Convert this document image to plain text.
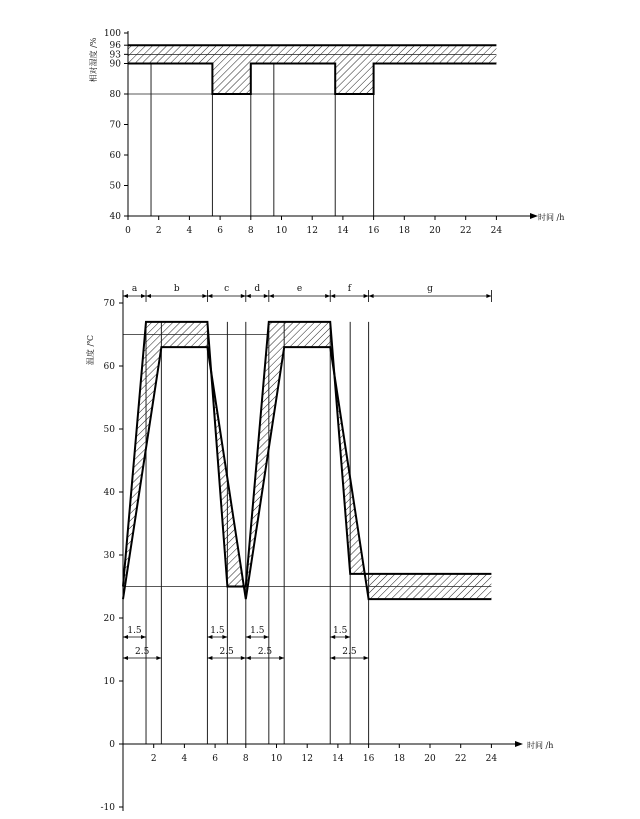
40
50
60
70
80
90
93
96
100
0	2	4	6	8 10 12 14 16 18 20 22 24
时间 /h
相对湿度 /%
-10
0
10
20
30
40
50
60
70
2	4	6	8 10 12 14 16 18 20 22 24
时间 /h
温度 /℃
a	b	c	d	e	f	g
1.5
2.5
1.5
2.5
1.5
2.5
1.5
2.5
